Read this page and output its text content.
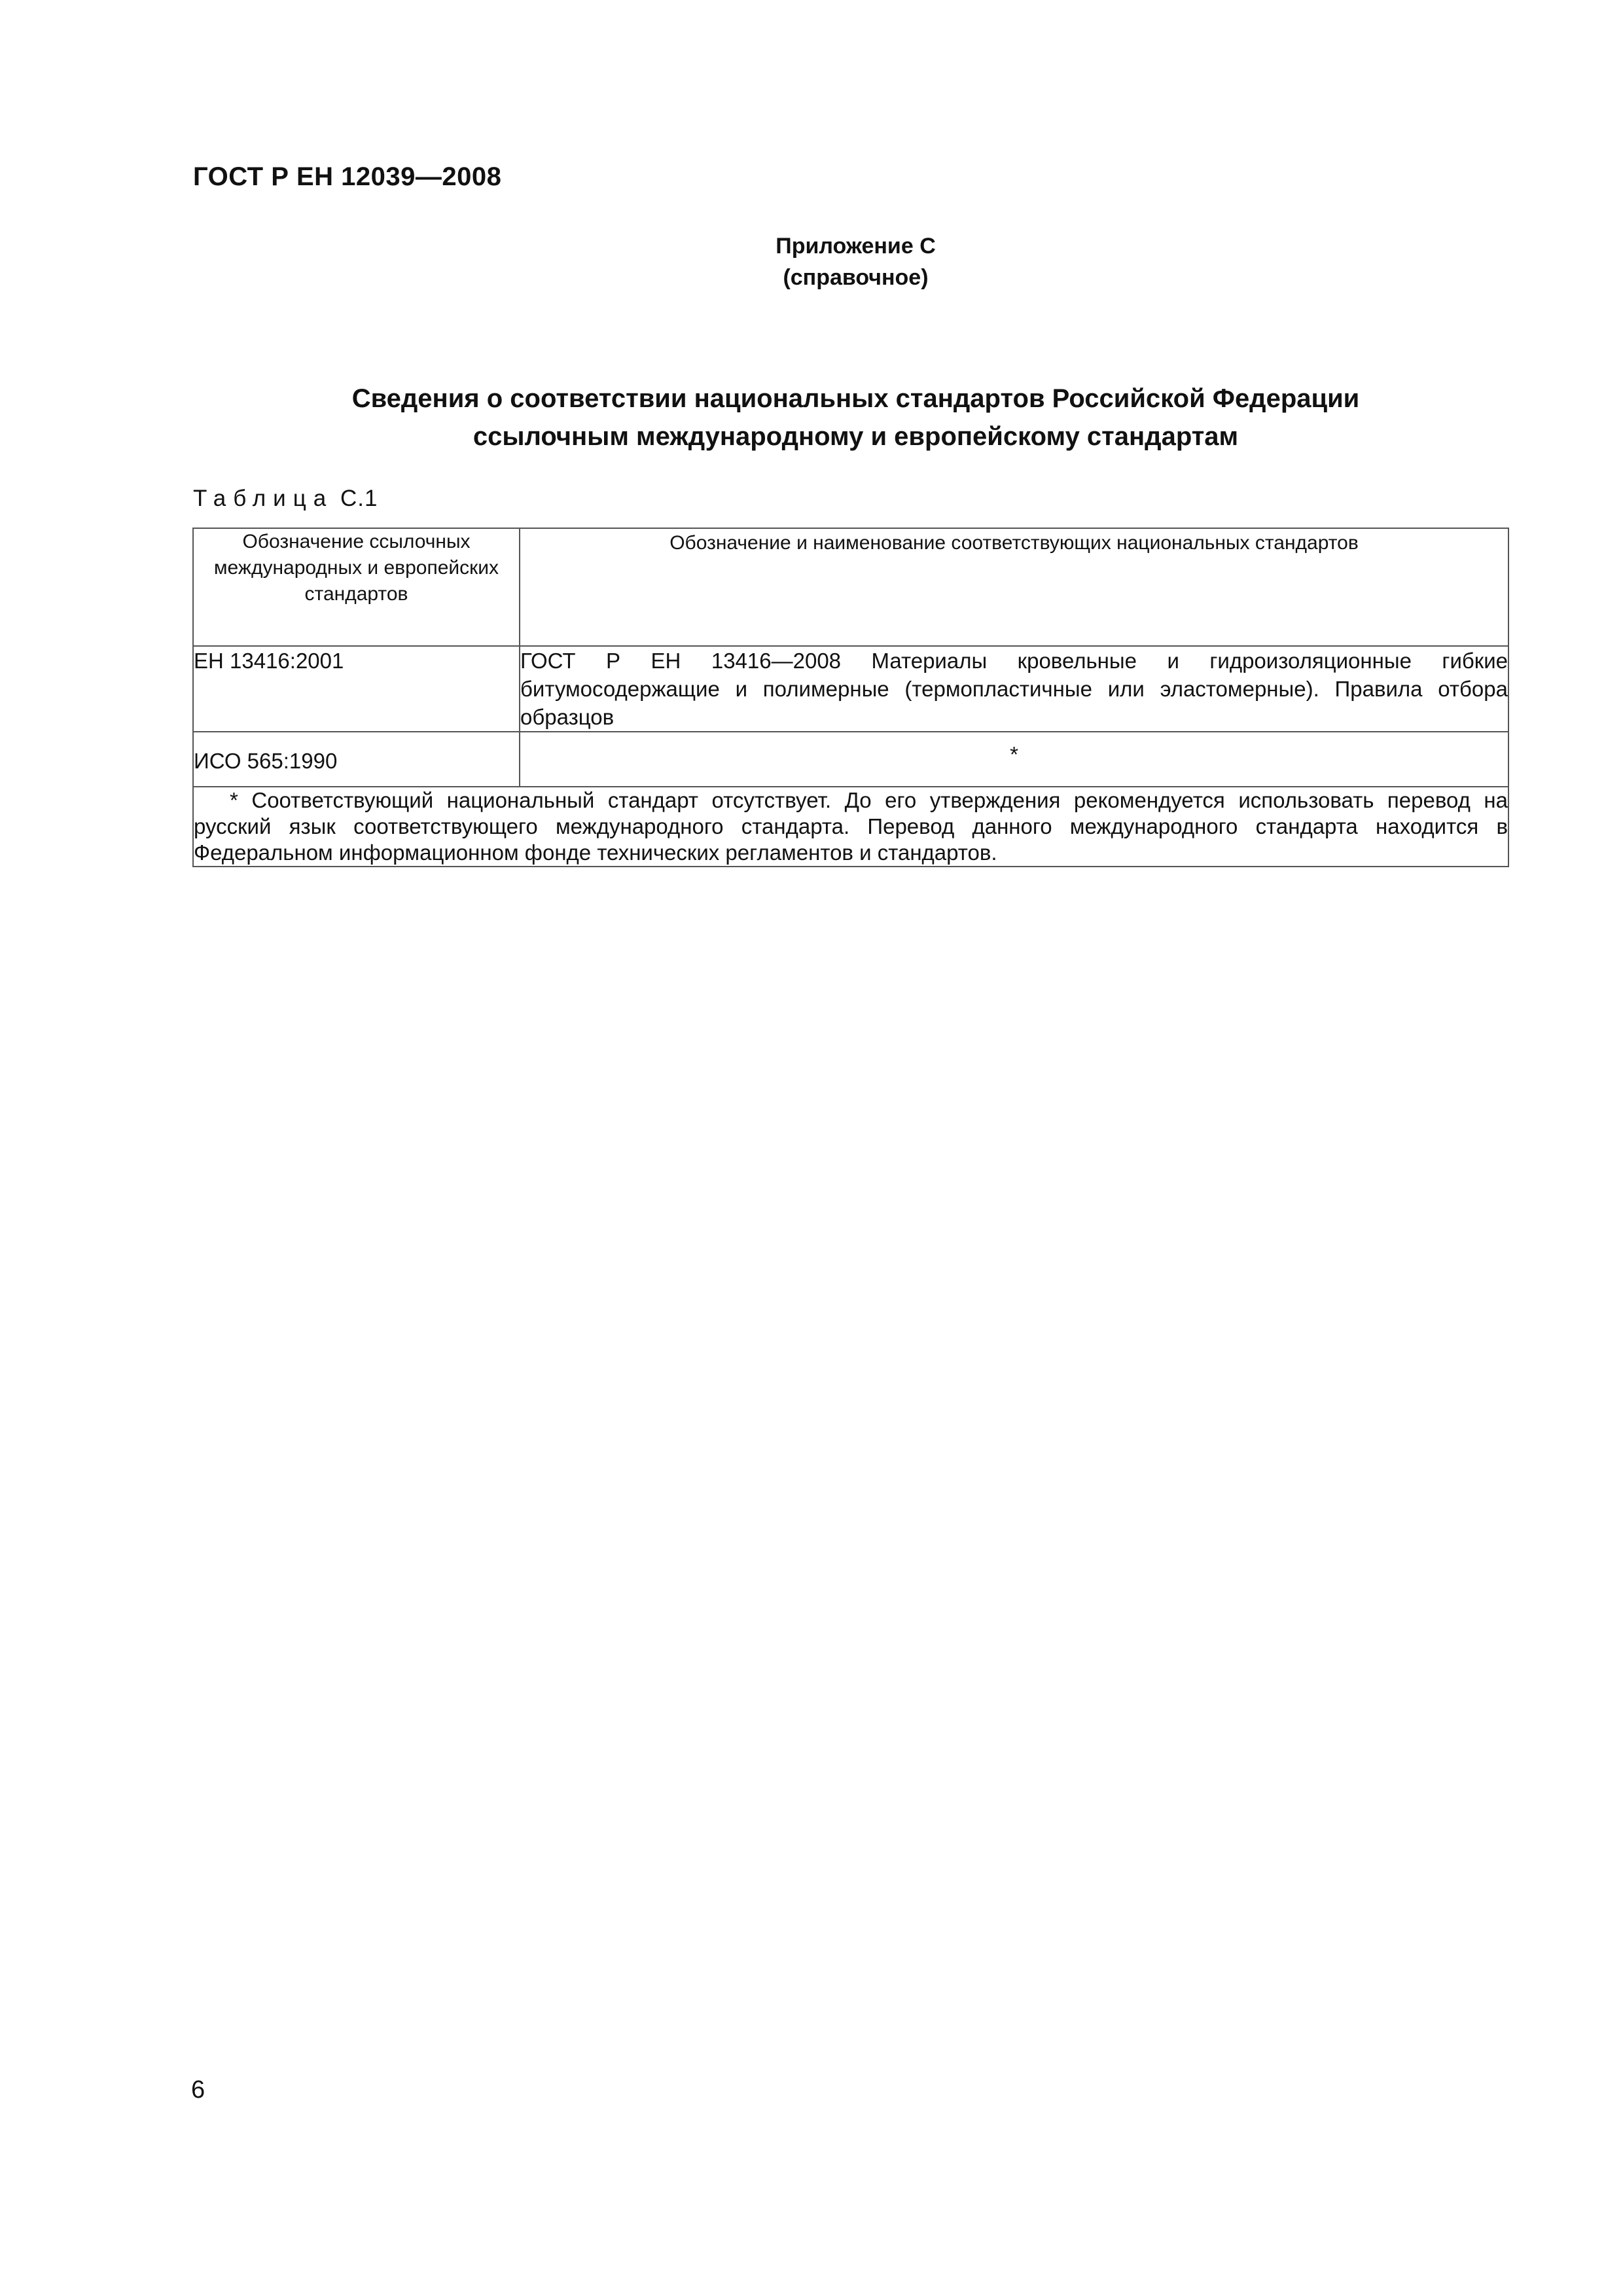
ГОСТ Р ЕН 12039—2008
Приложение С
(справочное)
Сведения о соответствии национальных стандартов Российской Федерации
ссылочным международному и европейскому стандартам
Таблица С.1
Обозначение ссылочных международных и европейских стандартов	Обозначение и наименование соответствующих национальных стандартов
ЕН 13416:2001	ГОСТ Р ЕН 13416—2008 Материалы кровельные и гидроизоляционные гибкие битумосодержащие и полимерные (термопластичные или эластомерные). Правила отбора образцов
ИСО 565:1990	*
* Соответствующий национальный стандарт отсутствует. До его утверждения рекомендуется использовать перевод на русский язык соответствующего международного стандарта. Перевод данного международного стандарта находится в Федеральном информационном фонде технических регламентов и стандартов.	
6
